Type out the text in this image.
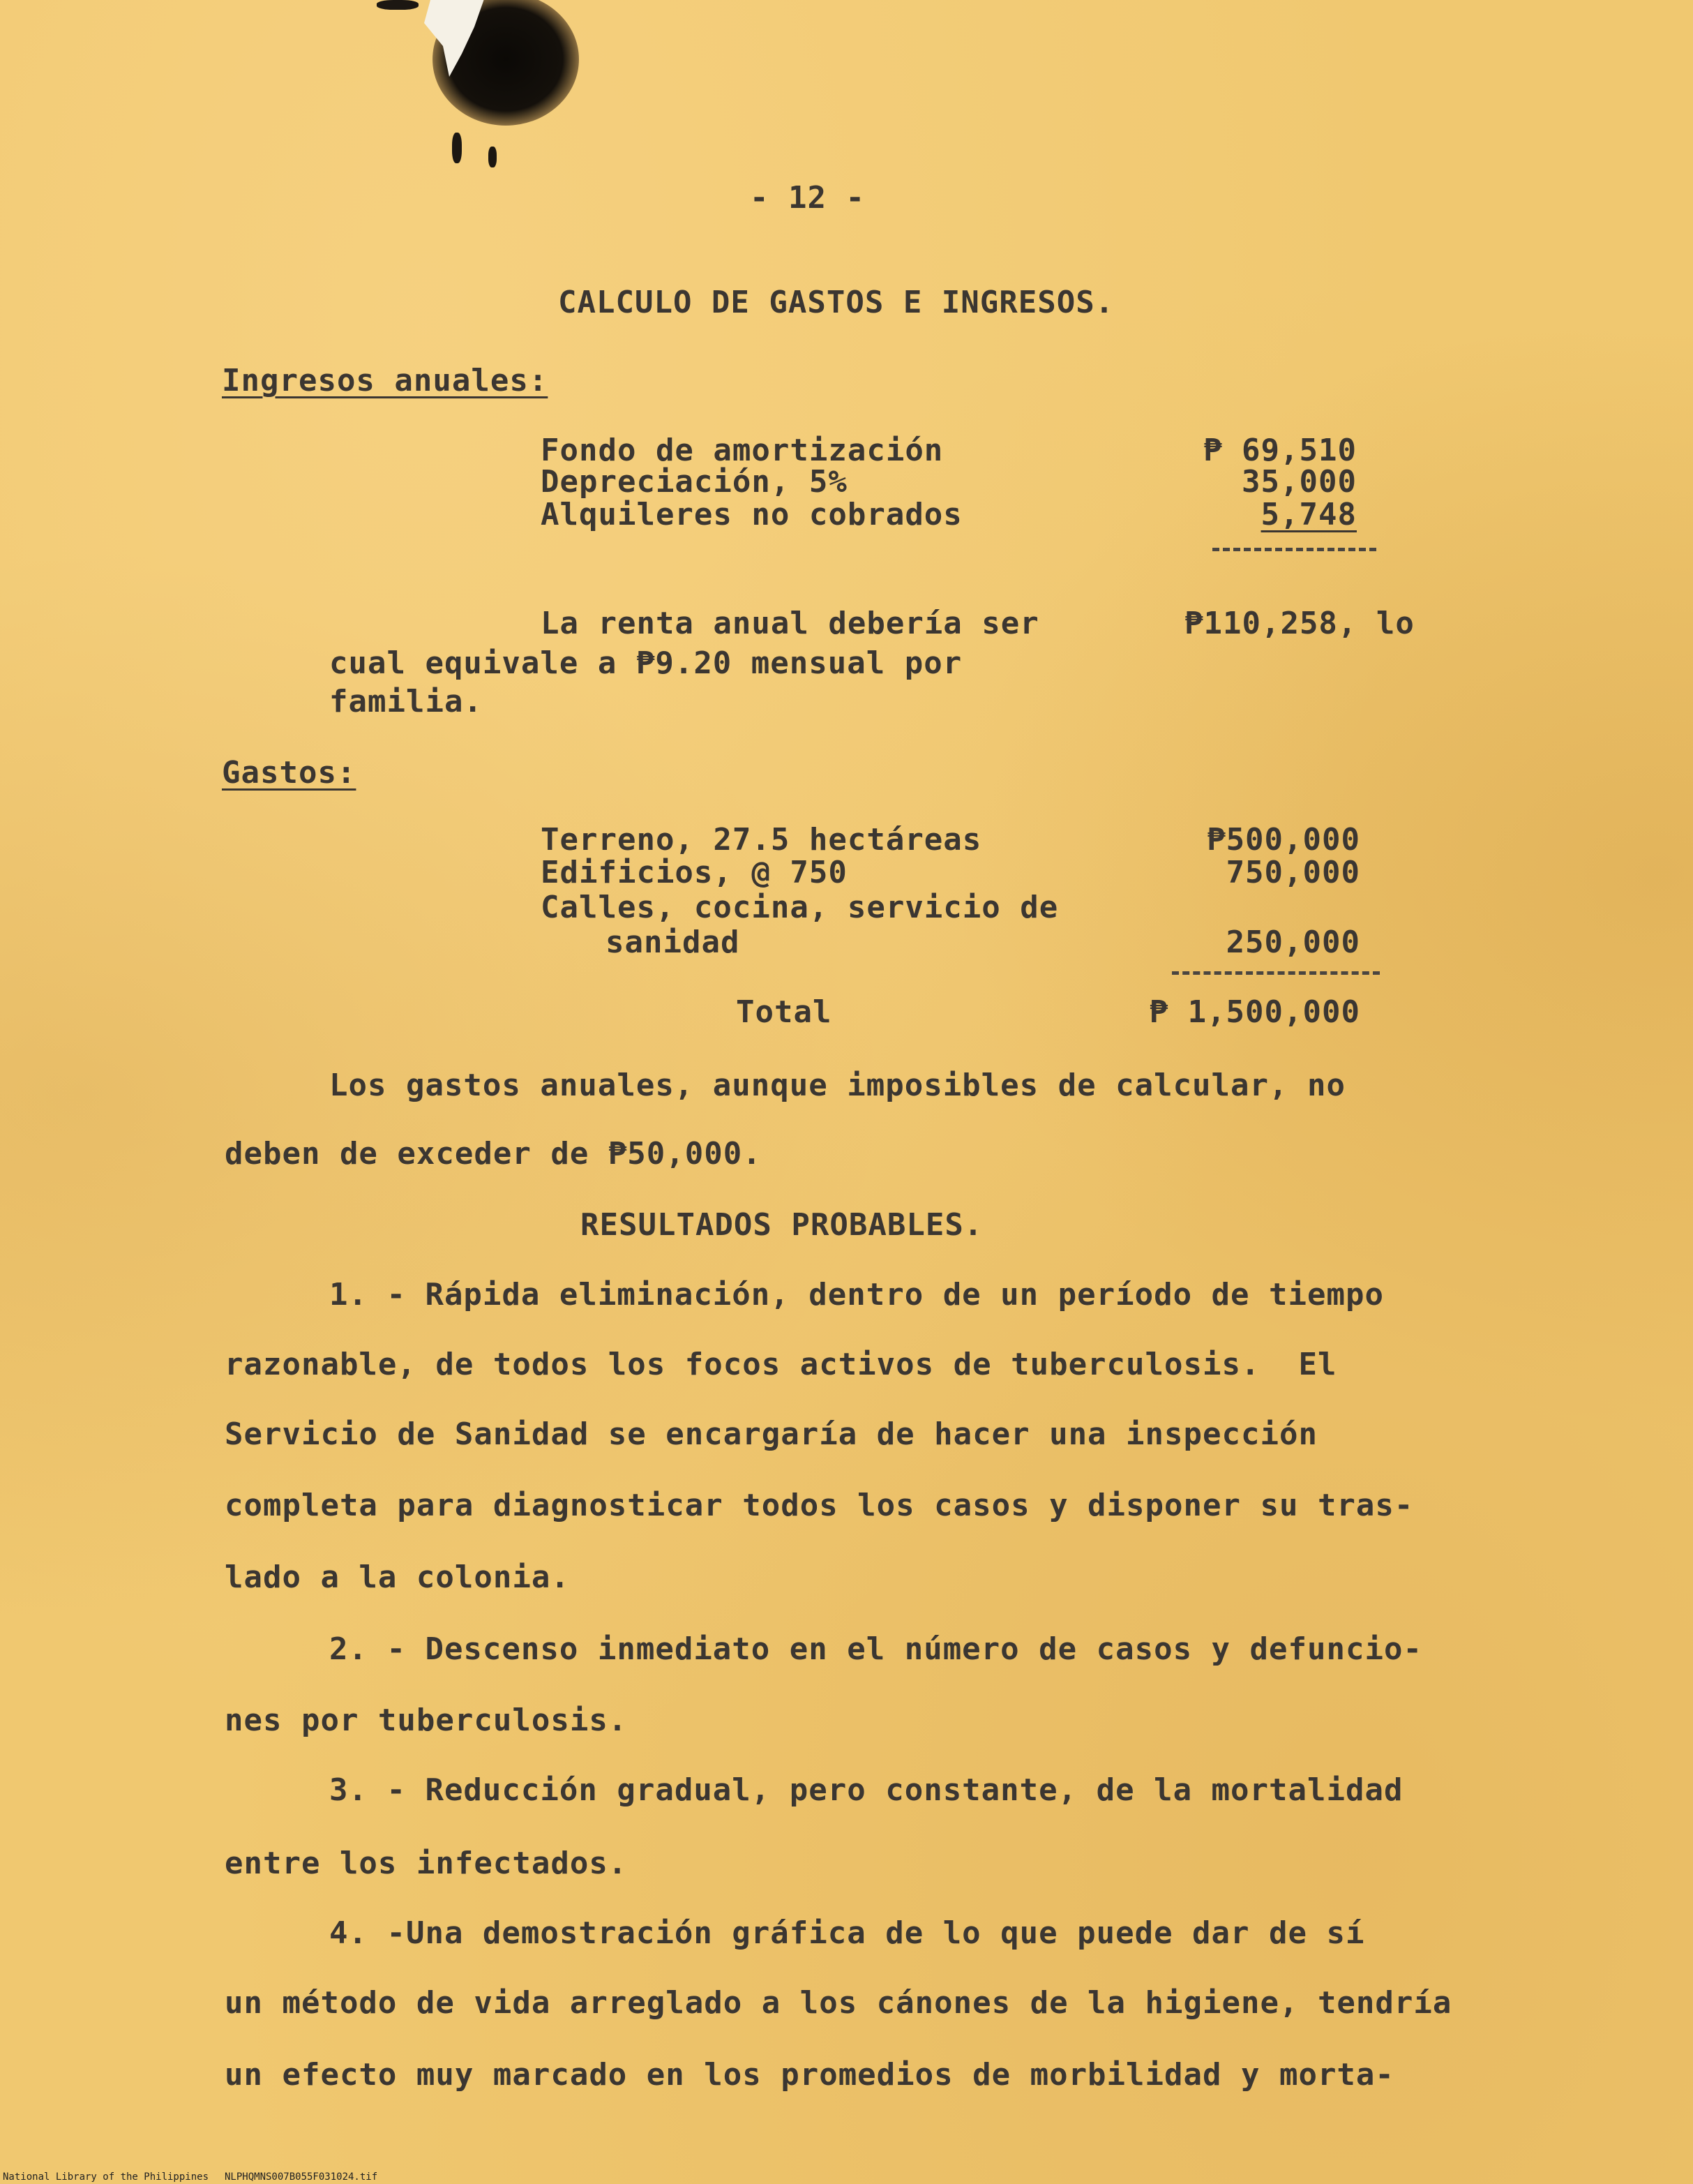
- 12 -
CALCULO DE GASTOS E INGRESOS.
Ingresos anuales:
Fondo de amortización	₱ 69,510
Depreciación, 5%	35,000
Alquileres no cobrados	5,748
La renta anual debería ser	₱110,258, lo
cual equivale a ₱9.20 mensual por
familia.
Gastos:
Terreno, 27.5 hectáreas	₱500,000
Edificios, @ 750	750,000
Calles, cocina, servicio de
sanidad	250,000
Total	₱ 1,500,000
Los gastos anuales, aunque imposibles de calcular, no
deben de exceder de ₱50,000.
RESULTADOS PROBABLES.
1. - Rápida eliminación, dentro de un período de tiempo
razonable, de todos los focos activos de tuberculosis.  El
Servicio de Sanidad se encargaría de hacer una inspección
completa para diagnosticar todos los casos y disponer su tras-
lado a la colonia.
2. - Descenso inmediato en el número de casos y defuncio-
nes por tuberculosis.
3. - Reducción gradual, pero constante, de la mortalidad
entre los infectados.
4. -Una demostración gráfica de lo que puede dar de sí
un método de vida arreglado a los cánones de la higiene, tendría
un efecto muy marcado en los promedios de morbilidad y morta-
National Library of the Philippines NLPHQMNS007B055F031024.tif
